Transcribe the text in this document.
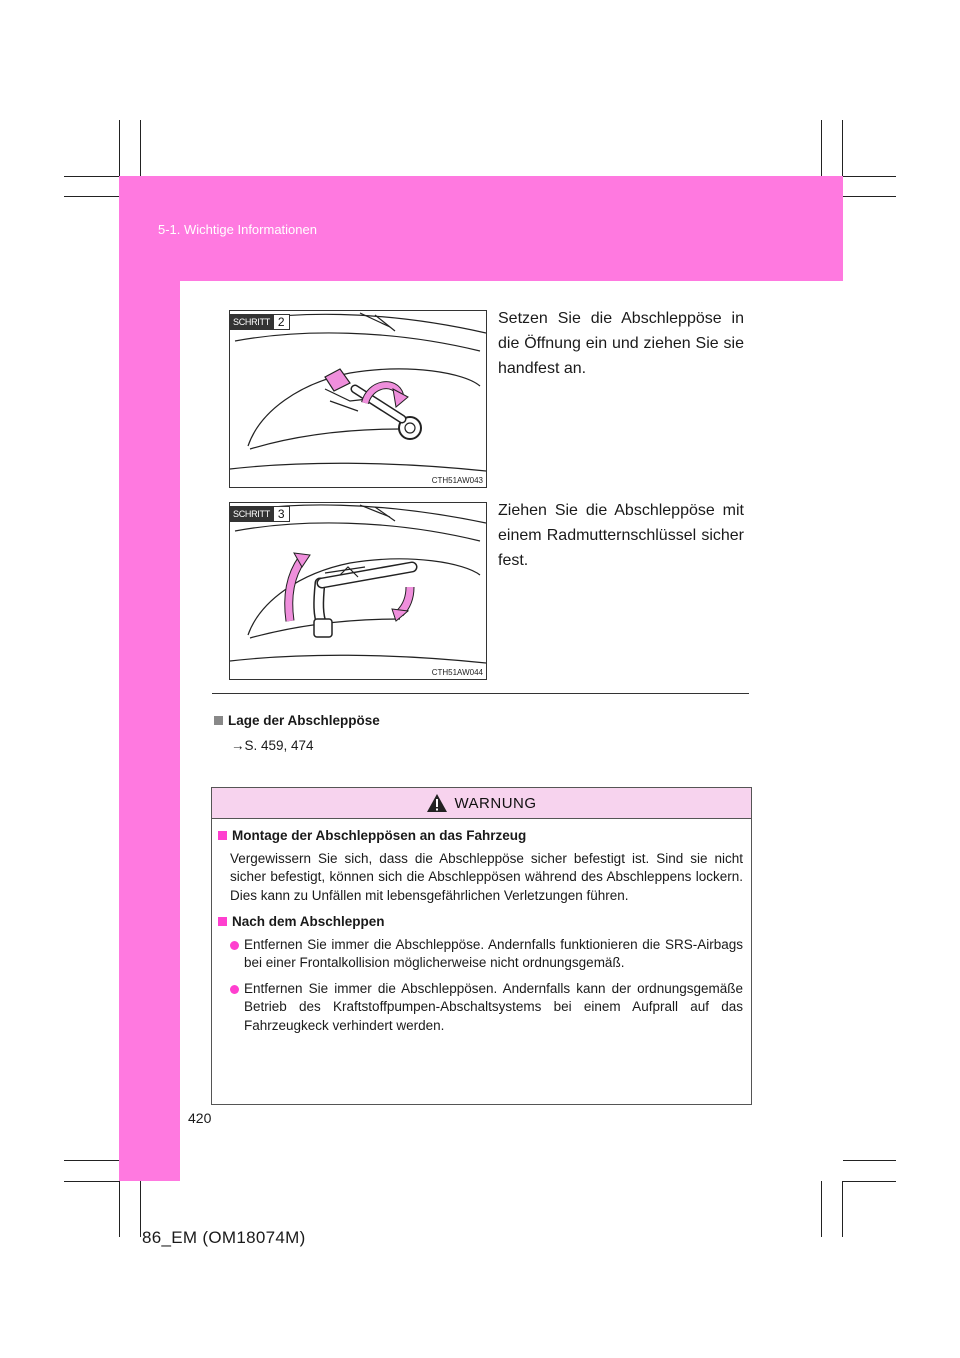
5-1. Wichtige Informationen
SCHRITT 2
CTH51AW043
Setzen Sie die Abschleppöse in die Öffnung ein und ziehen Sie sie handfest an.
SCHRITT 3
CTH51AW044
Ziehen Sie die Abschleppöse mit einem Radmutternschlüssel sicher fest.
Lage der Abschleppöse
→S. 459, 474
WARNUNG
Montage der Abschleppösen an das Fahrzeug
Vergewissern Sie sich, dass die Abschleppöse sicher befestigt ist. Sind sie nicht sicher befestigt, können sich die Abschleppösen während des Abschleppens lockern. Dies kann zu Unfällen mit lebensgefährlichen Verletzungen führen.
Nach dem Abschleppen
Entfernen Sie immer die Abschleppöse. Andernfalls funktionieren die SRS-Airbags bei einer Frontalkollision möglicherweise nicht ordnungsgemäß.
Entfernen Sie immer die Abschleppösen. Andernfalls kann der ordnungsgemäße Betrieb des Kraftstoffpumpen-Abschaltsystems bei einem Aufprall auf das Fahrzeugkeck verhindert werden.
420
86_EM (OM18074M)
